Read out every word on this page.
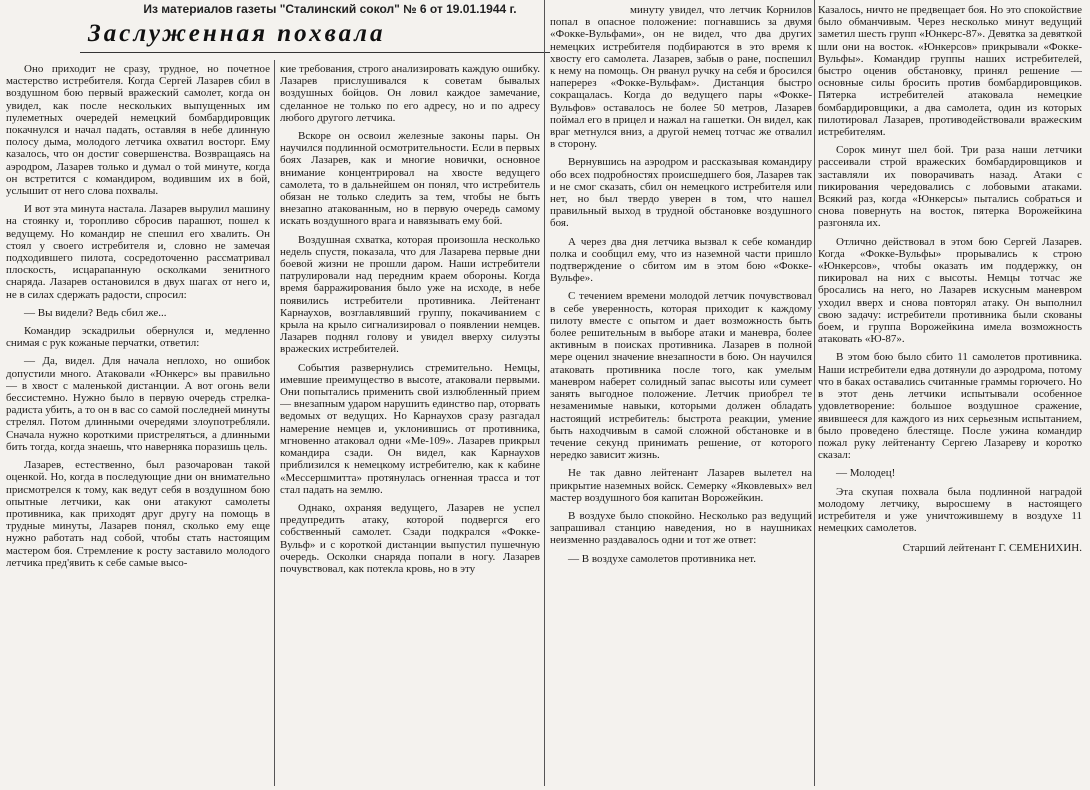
Из материалов газеты "Сталинский сокол" № 6 от 19.01.1944 г.
Заслуженная похвала

Оно приходит не сразу, трудное, но почетное мастерство истребителя. Когда Сергей Лазарев сбил в воздушном бою первый вражеский самолет, когда он увидел, как после нескольких выпущенных им пулеметных очередей немецкий бомбардировщик покачнулся и начал падать, оставляя в небе длинную полосу дыма, молодого летчика охватил восторг. Ему казалось, что он достиг совершенства. Возвращаясь на аэродром, Лазарев только и думал о той минуте, когда он встретится с командиром, водившим их в бой, услышит от него слова похвалы.

И вот эта минута настала. Лазарев вырулил машину на стоянку и, торопливо сбросив парашют, пошел к ведущему. Но командир не спешил его хвалить. Он стоял у своего истребителя и, словно не замечая подходившего пилота, сосредоточенно рассматривал плоскость, исцарапанную осколками зенитного снаряда. Лазарев остановился в двух шагах от него и, не в силах сдержать радости, спросил:

— Вы видели? Ведь сбил же...

Командир эскадрильи обернулся и, медленно снимая с рук кожаные перчатки, ответил:

— Да, видел. Для начала неплохо, но ошибок допустили много. Атаковали «Юнкерс» вы правильно — в хвост с маленькой дистанции. А вот огонь вели бессистемно. Нужно было в первую очередь стрелка-радиста убить, а то он в вас со самой последней минуты стрелял. Потом длинными очередями злоупотребляли. Сначала нужно короткими пристреляться, а длинными бить тогда, когда знаешь, что наверняка поразишь цель.

Лазарев, естественно, был разочарован такой оценкой. Но, когда в последующие дни он внимательно присмотрелся к тому, как ведут себя в воздушном бою опытные летчики, как они атакуют самолеты противника, как приходят друг другу на помощь в трудные минуты, Лазарев понял, сколько ему еще нужно работать над собой, чтобы стать настоящим мастером боя. Стремление к росту заставило молодого летчика пред'явить к себе самые высо-

кие требования, строго анализировать каждую ошибку. Лазарев прислушивался к советам бывалых воздушных бойцов. Он ловил каждое замечание, сделанное не только по его адресу, но и по адресу любого другого летчика.

Вскоре он освоил железные законы пары. Он научился подлинной осмотрительности. Если в первых боях Лазарев, как и многие новички, основное внимание концентрировал на хвосте ведущего самолета, то в дальнейшем он понял, что истребитель обязан не только следить за тем, чтобы не быть внезапно атакованным, но в первую очередь самому искать воздушного врага и навязывать ему бой.

Воздушная схватка, которая произошла несколько недель спустя, показала, что для Лазарева первые дни боевой жизни не прошли даром. Наши истребители патрулировали над передним краем обороны. Когда время барражирования было уже на исходе, в небе появились истребители противника. Лейтенант Карнаухов, возглавлявший группу, покачиванием с крыла на крыло сигнализировал о появлении немцев. Лазарев поднял голову и увидел вверху силуэты вражеских истребителей.

События развернулись стремительно. Немцы, имевшие преимущество в высоте, атаковали первыми. Они попытались применить свой излюбленный прием — внезапным ударом нарушить единство пар, оторвать ведомых от ведущих. Но Карнаухов сразу разгадал намерение немцев и, уклонившись от противника, мгновенно атаковал одни «Ме-109». Лазарев прикрыл командира сзади. Он видел, как Карнаухов приблизился к немецкому истребителю, как к кабине «Мессершмитта» протянулась огненная трасса и тот стал падать на землю.

Однако, охраняя ведущего, Лазарев не успел предупредить атаку, которой подвергся его собственный самолет. Сзади подкрался «Фокке-Вульф» и с короткой дистанции выпустил пушечную очередь. Осколки снаряда попали в ногу. Лазарев почувствовал, как потекла кровь, но в эту

минуту увидел, что летчик Корнилов попал в опасное положение: погнавшись за двумя «Фокке-Вульфами», он не видел, что два других немецких истребителя подбираются в это время к хвосту его самолета. Лазарев, забыв о ране, поспешил к нему на помощь. Он рванул ручку на себя и бросился наперерез «Фокке-Вульфам». Дистанция быстро сокращалась. Когда до ведущего пары «Фокке-Вульфов» оставалось не более 50 метров, Лазарев поймал его в прицел и нажал на гашетки. Он видел, как враг метнулся вниз, а другой немец тотчас же отвалил в сторону.

Вернувшись на аэродром и рассказывая командиру обо всех подробностях происшедшего боя, Лазарев так и не смог сказать, сбил он немецкого истребителя или нет, но был твердо уверен в том, что нашел правильный выход в трудной обстановке воздушного боя.

А через два дня летчика вызвал к себе командир полка и сообщил ему, что из наземной части пришло подтверждение о сбитом им в этом бою «Фокке-Вульфе».

С течением времени молодой летчик почувствовал в себе уверенность, которая приходит к каждому пилоту вместе с опытом и дает возможность быть более решительным в выборе атаки и маневра, более активным в поисках противника. Лазарев в полной мере оценил значение внезапности в бою. Он научился атаковать противника после того, как умелым маневром наберет солидный запас высоты или сумеет занять выгодное положение. Летчик приобрел те незаменимые навыки, которыми должен обладать настоящий истребитель: быстрота реакции, умение быть находчивым в самой сложной обстановке и в течение секунд принимать решение, от которого нередко зависит жизнь.

Не так давно лейтенант Лазарев вылетел на прикрытие наземных войск. Семерку «Яковлевых» вел мастер воздушного боя капитан Ворожейкин.

В воздухе было спокойно. Несколько раз ведущий запрашивал станцию наведения, но в наушниках неизменно раздавалось одни и тот же ответ:

— В воздухе самолетов противника нет.

Казалось, ничто не предвещает боя. Но это спокойствие было обманчивым. Через несколько минут ведущий заметил шесть групп «Юнкерс-87». Девятка за девяткой шли они на восток. «Юнкерсов» прикрывали «Фокке-Вульфы». Командир группы наших истребителей, быстро оценив обстановку, принял решение — основные силы бросить против бомбардировщиков. Пятерка истребителей атаковала немецкие бомбардировщики, а два самолета, один из которых пилотировал Лазарев, противодействовали вражеским истребителям.

Сорок минут шел бой. Три раза наши летчики рассеивали строй вражеских бомбардировщиков и заставляли их поворачивать назад. Атаки с пикирования чередовались с лобовыми атаками. Всякий раз, когда «Юнкерсы» пытались собраться и снова повернуть на восток, пятерка Ворожейкина разгоняла их.

Отлично действовал в этом бою Сергей Лазарев. Когда «Фокке-Вульфы» прорывались к строю «Юнкерсов», чтобы оказать им поддержку, он пикировал на них с высоты. Немцы тотчас же бросались на него, но Лазарев искусным маневром уходил вверх и снова повторял атаку. Он выполнил свою задачу: истребители противника были скованы боем, и группа Ворожейкина имела возможность атаковать «Ю-87».

В этом бою было сбито 11 самолетов противника. Наши истребители едва дотянули до аэродрома, потому что в баках оставались считанные граммы горючего. Но в этот день летчики испытывали особенное удовлетворение: большое воздушное сражение, явившееся для каждого из них серьезным испытанием, было проведено блестяще. После ужина командир пожал руку лейтенанту Сергею Лазареву и коротко сказал:

— Молодец!

Эта скупая похвала была подлинной наградой молодому летчику, выросшему в настоящего истребителя и уже уничтожившему в воздухе 11 немецких самолетов.

Старший лейтенант Г. СЕМЕНИХИН.
